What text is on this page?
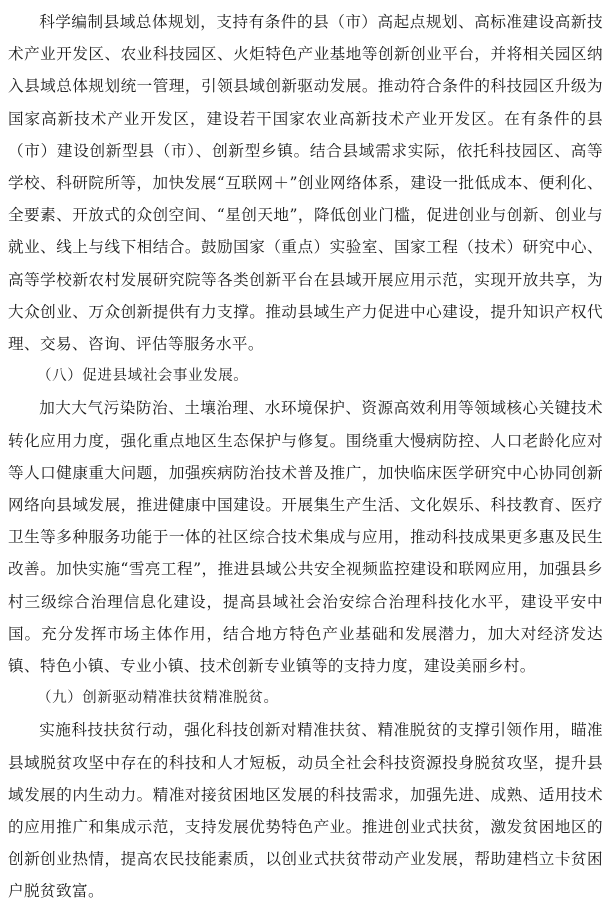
科学编制县域总体规划，支持有条件的县（市）高起点规划、高标准建设高新技术产业开发区、农业科技园区、火炬特色产业基地等创新创业平台，并将相关园区纳入县域总体规划统一管理，引领县域创新驱动发展。推动符合条件的科技园区升级为国家高新技术产业开发区，建设若干国家农业高新技术产业开发区。在有条件的县（市）建设创新型县（市）、创新型乡镇。结合县域需求实际，依托科技园区、高等学校、科研院所等，加快发展“互联网＋”创业网络体系，建设一批低成本、便利化、全要素、开放式的众创空间、“星创天地”，降低创业门槛，促进创业与创新、创业与就业、线上与线下相结合。鼓励国家（重点）实验室、国家工程（技术）研究中心、高等学校新农村发展研究院等各类创新平台在县域开展应用示范，实现开放共享，为大众创业、万众创新提供有力支撑。推动县域生产力促进中心建设，提升知识产权代理、交易、咨询、评估等服务水平。

（八）促进县域社会事业发展。

加大大气污染防治、土壤治理、水环境保护、资源高效利用等领域核心关键技术转化应用力度，强化重点地区生态保护与修复。围绕重大慢病防控、人口老龄化应对等人口健康重大问题，加强疾病防治技术普及推广，加快临床医学研究中心协同创新网络向县域发展，推进健康中国建设。开展集生产生活、文化娱乐、科技教育、医疗卫生等多种服务功能于一体的社区综合技术集成与应用，推动科技成果更多惠及民生改善。加快实施“雪亮工程”，推进县域公共安全视频监控建设和联网应用，加强县乡村三级综合治理信息化建设，提高县域社会治安综合治理科技化水平，建设平安中国。充分发挥市场主体作用，结合地方特色产业基础和发展潜力，加大对经济发达镇、特色小镇、专业小镇、技术创新专业镇等的支持力度，建设美丽乡村。

（九）创新驱动精准扶贫精准脱贫。

实施科技扶贫行动，强化科技创新对精准扶贫、精准脱贫的支撑引领作用，瞄准县域脱贫攻坚中存在的科技和人才短板，动员全社会科技资源投身脱贫攻坚，提升县域发展的内生动力。精准对接贫困地区发展的科技需求，加强先进、成熟、适用技术的应用推广和集成示范，支持发展优势特色产业。推进创业式扶贫，激发贫困地区的创新创业热情，提高农民技能素质，以创业式扶贫带动产业发展，帮助建档立卡贫困户脱贫致富。
